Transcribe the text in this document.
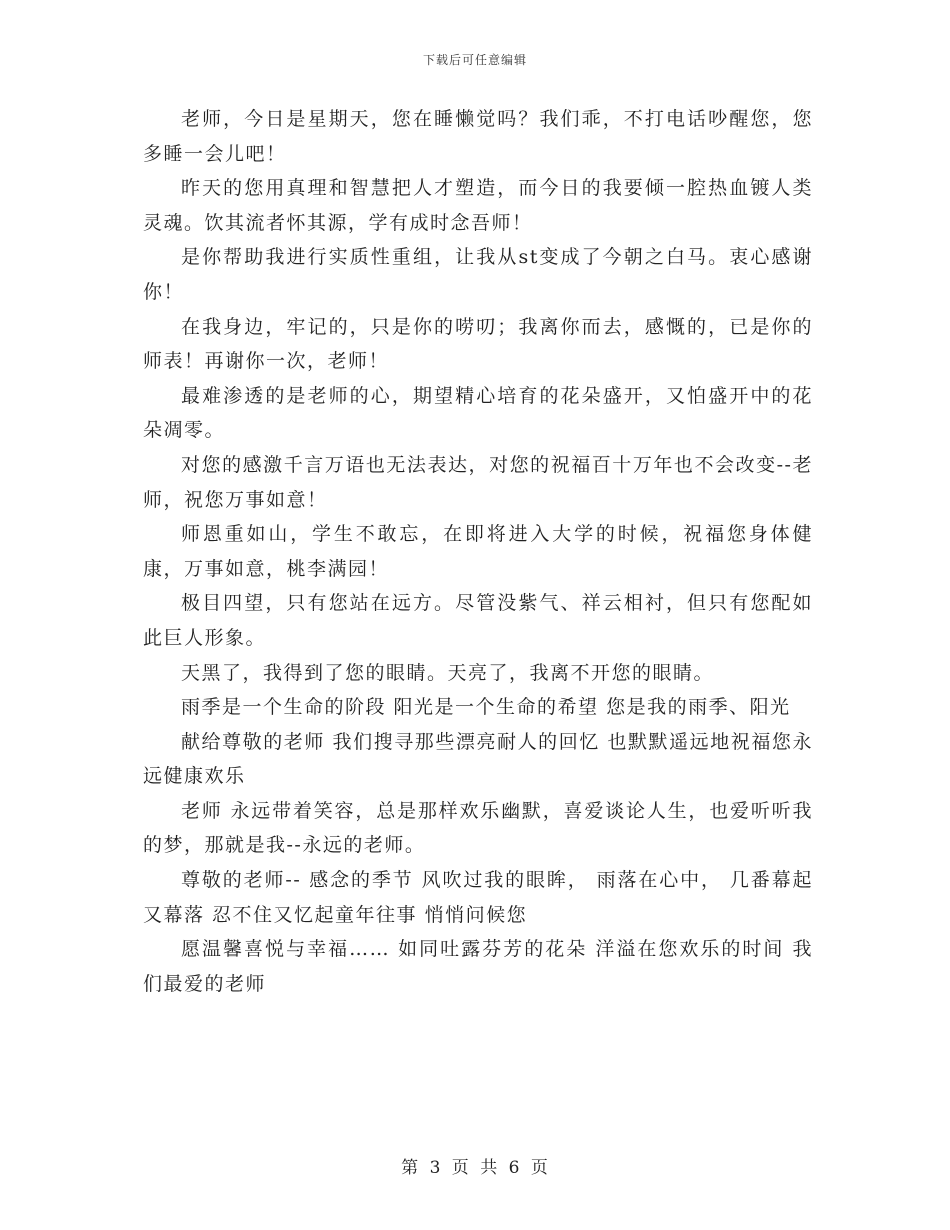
下载后可任意编辑

老师，今日是星期天，您在睡懒觉吗？我们乖，不打电话吵醒您，您多睡一会儿吧！

昨天的您用真理和智慧把人才塑造，而今日的我要倾一腔热血镀人类灵魂。饮其流者怀其源，学有成时念吾师！

是你帮助我进行实质性重组，让我从st变成了今朝之白马。衷心感谢你！

在我身边，牢记的，只是你的唠叨；我离你而去，感慨的，已是你的师表！再谢你一次，老师！

最难渗透的是老师的心，期望精心培育的花朵盛开，又怕盛开中的花朵凋零。

对您的感激千言万语也无法表达，对您的祝福百十万年也不会改变--老师，祝您万事如意！

师恩重如山，学生不敢忘，在即将进入大学的时候，祝福您身体健康，万事如意，桃李满园！

极目四望，只有您站在远方。尽管没紫气、祥云相衬，但只有您配如此巨人形象。

天黑了，我得到了您的眼睛。天亮了，我离不开您的眼睛。

雨季是一个生命的阶段 阳光是一个生命的希望 您是我的雨季、阳光

献给尊敬的老师 我们搜寻那些漂亮耐人的回忆 也默默遥远地祝福您永远健康欢乐

老师 永远带着笑容，总是那样欢乐幽默，喜爱谈论人生，也爱听听我的梦，那就是我--永远的老师。

尊敬的老师-- 感念的季节 风吹过我的眼眸， 雨落在心中， 几番幕起又幕落 忍不住又忆起童年往事 悄悄问候您

愿温馨喜悦与幸福…… 如同吐露芬芳的花朵 洋溢在您欢乐的时间 我们最爱的老师

第 3 页 共 6 页
